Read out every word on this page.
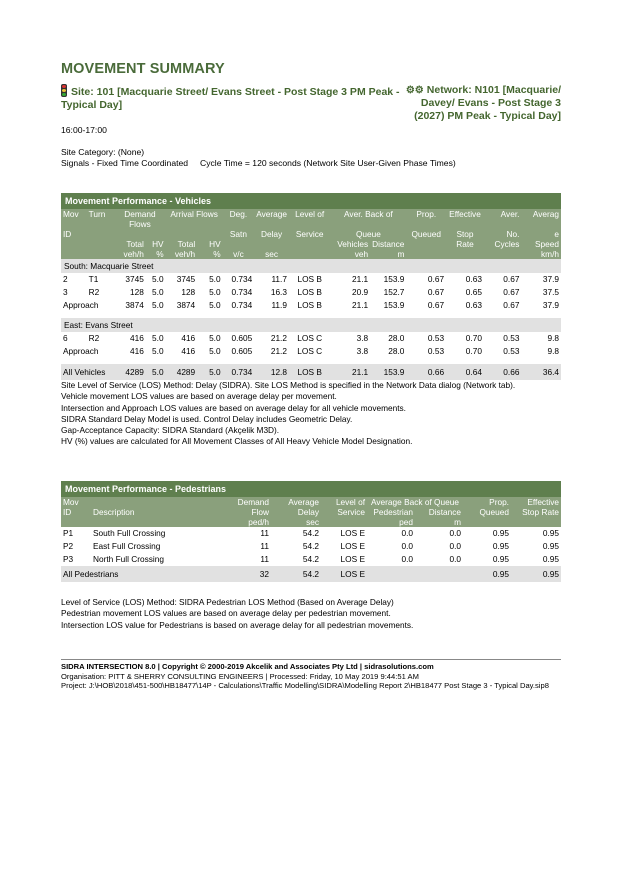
MOVEMENT SUMMARY
Site: 101 [Macquarie Street/ Evans Street - Post Stage 3 PM Peak - Typical Day]
⚙⚙ Network: N101 [Macquarie/ Davey/ Evans - Post Stage 3 (2027) PM Peak - Typical Day]
16:00-17:00
Site Category: (None)
Signals - Fixed Time Coordinated     Cycle Time = 120 seconds (Network Site User-Given Phase Times)
Movement Performance - Vehicles
Mov	Turn	Demand Flows		Arrival Flows		Deg.	Average	Level of	Aver. Back of		Prop.	Effective	Aver.	Averag
ID						Satn	Delay	Service	Queue		Queued	Stop	No.	e
		Total	HV	Total	HV				Vehicles	Distance		Rate	Cycles	Speed
		veh/h	%	veh/h	%	v/c	sec		veh	m				km/h
South: Macquarie Street														
2	T1	3745	5.0	3745	5.0	0.734	11.7	LOS B	21.1	153.9	0.67	0.63	0.67	37.9
3	R2	128	5.0	128	5.0	0.734	16.3	LOS B	20.9	152.7	0.67	0.65	0.67	37.5
Approach		3874	5.0	3874	5.0	0.734	11.9	LOS B	21.1	153.9	0.67	0.63	0.67	37.9

East: Evans Street														
6	R2	416	5.0	416	5.0	0.605	21.2	LOS C	3.8	28.0	0.53	0.70	0.53	9.8
Approach		416	5.0	416	5.0	0.605	21.2	LOS C	3.8	28.0	0.53	0.70	0.53	9.8

All Vehicles		4289	5.0	4289	5.0	0.734	12.8	LOS B	21.1	153.9	0.66	0.64	0.66	36.4
Site Level of Service (LOS) Method: Delay (SIDRA). Site LOS Method is specified in the Network Data dialog (Network tab).
Vehicle movement LOS values are based on average delay per movement.
Intersection and Approach LOS values are based on average delay for all vehicle movements.
SIDRA Standard Delay Model is used. Control Delay includes Geometric Delay.
Gap-Acceptance Capacity: SIDRA Standard (Akçelik M3D).
HV (%) values are calculated for All Movement Classes of All Heavy Vehicle Model Designation.
Movement Performance - Pedestrians
Mov		Demand	Average	Level of	Average Back of Queue		Prop.	Effective
ID	Description	Flow	Delay	Service	Pedestrian	Distance	Queued	Stop Rate
		ped/h	sec		ped	m		
P1	South Full Crossing	11	54.2	LOS E	0.0	0.0	0.95	0.95
P2	East Full Crossing	11	54.2	LOS E	0.0	0.0	0.95	0.95
P3	North Full Crossing	11	54.2	LOS E	0.0	0.0	0.95	0.95
All Pedestrians		32	54.2	LOS E			0.95	0.95
Level of Service (LOS) Method: SIDRA Pedestrian LOS Method (Based on Average Delay)
Pedestrian movement LOS values are based on average delay per pedestrian movement.
Intersection LOS value for Pedestrians is based on average delay for all pedestrian movements.
SIDRA INTERSECTION 8.0 | Copyright © 2000-2019 Akcelik and Associates Pty Ltd | sidrasolutions.com
Organisation: PITT & SHERRY CONSULTING ENGINEERS | Processed: Friday, 10 May 2019 9:44:51 AM
Project: J:\HOB\2018\451-500\HB18477\14P - Calculations\Traffic Modelling\SIDRA\Modelling Report 2\HB18477 Post Stage 3 - Typical Day.sip8
